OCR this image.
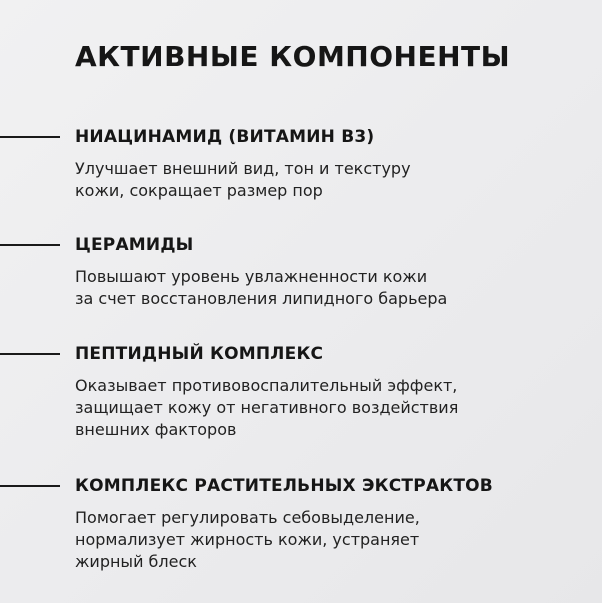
АКТИВНЫЕ КОМПОНЕНТЫ
НИАЦИНАМИД (ВИТАМИН B3)

Улучшает внешний вид, тон и текстуру
кожи, сокращает размер пор

ЦЕРАМИДЫ

Повышают уровень увлажненности кожи
за счет восстановления липидного барьера

ПЕПТИДНЫЙ КОМПЛЕКС

Оказывает противовоспалительный эффект,
защищает кожу от негативного воздействия
внешних факторов

КОМПЛЕКС РАСТИТЕЛЬНЫХ ЭКСТРАКТОВ

Помогает регулировать себовыделение,
нормализует жирность кожи, устраняет
жирный блеск
